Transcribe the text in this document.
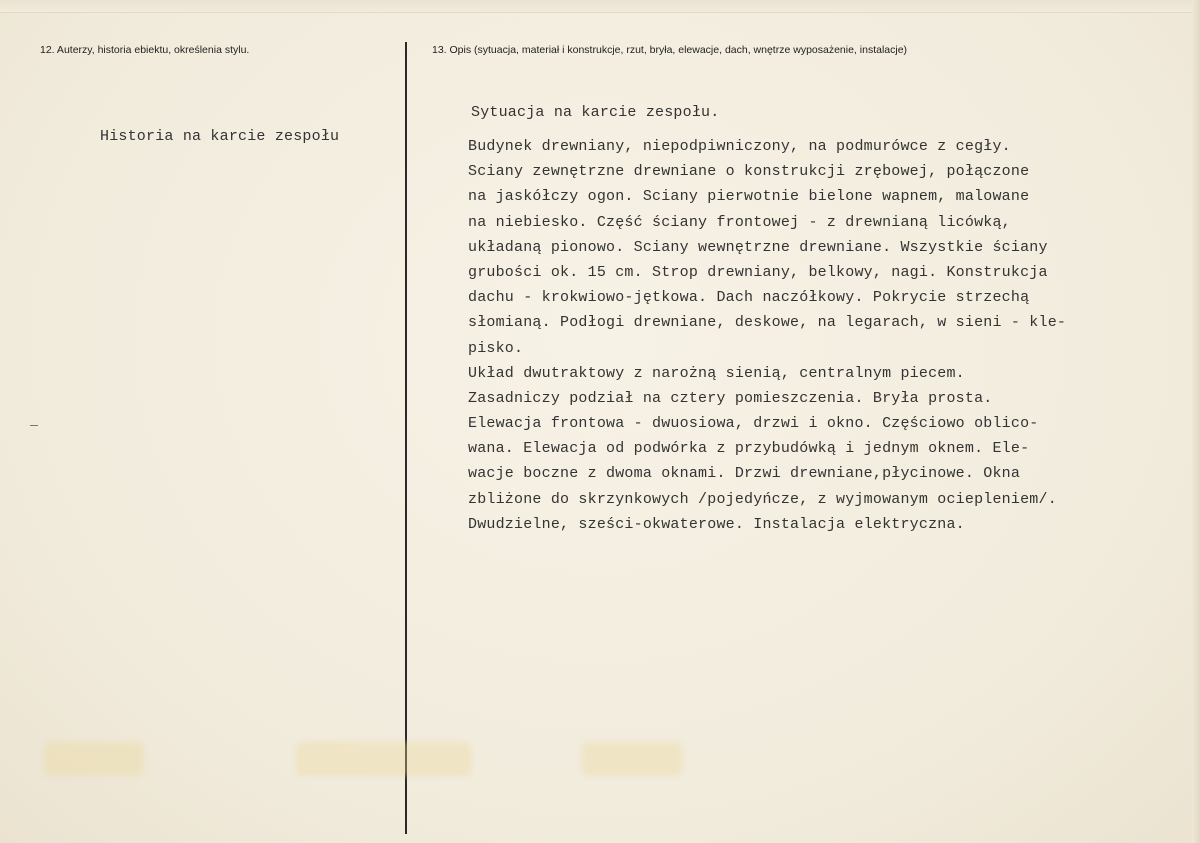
12. Auterzy, historia ebiektu, określenia stylu.	13. Opis (sytuacja, materiał i konstrukcje, rzut, bryła, elewacje, dach, wnętrze wyposażenie, instalacje)
Historia na karcie zespołu
Sytuacja na karcie zespołu.
Budynek drewniany, niepodpiwniczony, na podmurówce z cegły.
Sciany zewnętrzne drewniane o konstrukcji zrębowej, połączone
na jaskółczy ogon. Sciany pierwotnie bielone wapnem, malowane
na niebiesko. Część ściany frontowej - z drewnianą licówką,
układaną pionowo. Sciany wewnętrzne drewniane. Wszystkie ściany
grubości ok. 15 cm. Strop drewniany, belkowy, nagi. Konstrukcja
dachu - krokwiowo-jętkowa. Dach naczółkowy. Pokrycie strzechą
słomianą. Podłogi drewniane, deskowe, na legarach, w sieni - kle-
pisko.
Układ dwutraktowy z narożną sienią, centralnym piecem.
Zasadniczy podział na cztery pomieszczenia. Bryła prosta.
Elewacja frontowa - dwuosiowa, drzwi i okno. Częściowo oblico-
wana. Elewacja od podwórka z przybudówką i jednym oknem. Ele-
wacje boczne z dwoma oknami. Drzwi drewniane,płycinowe. Okna
zbliżone do skrzynkowych /pojedyńcze, z wyjmowanym ociepleniem/.
Dwudzielne, sześci-okwaterowe. Instalacja elektryczna.
